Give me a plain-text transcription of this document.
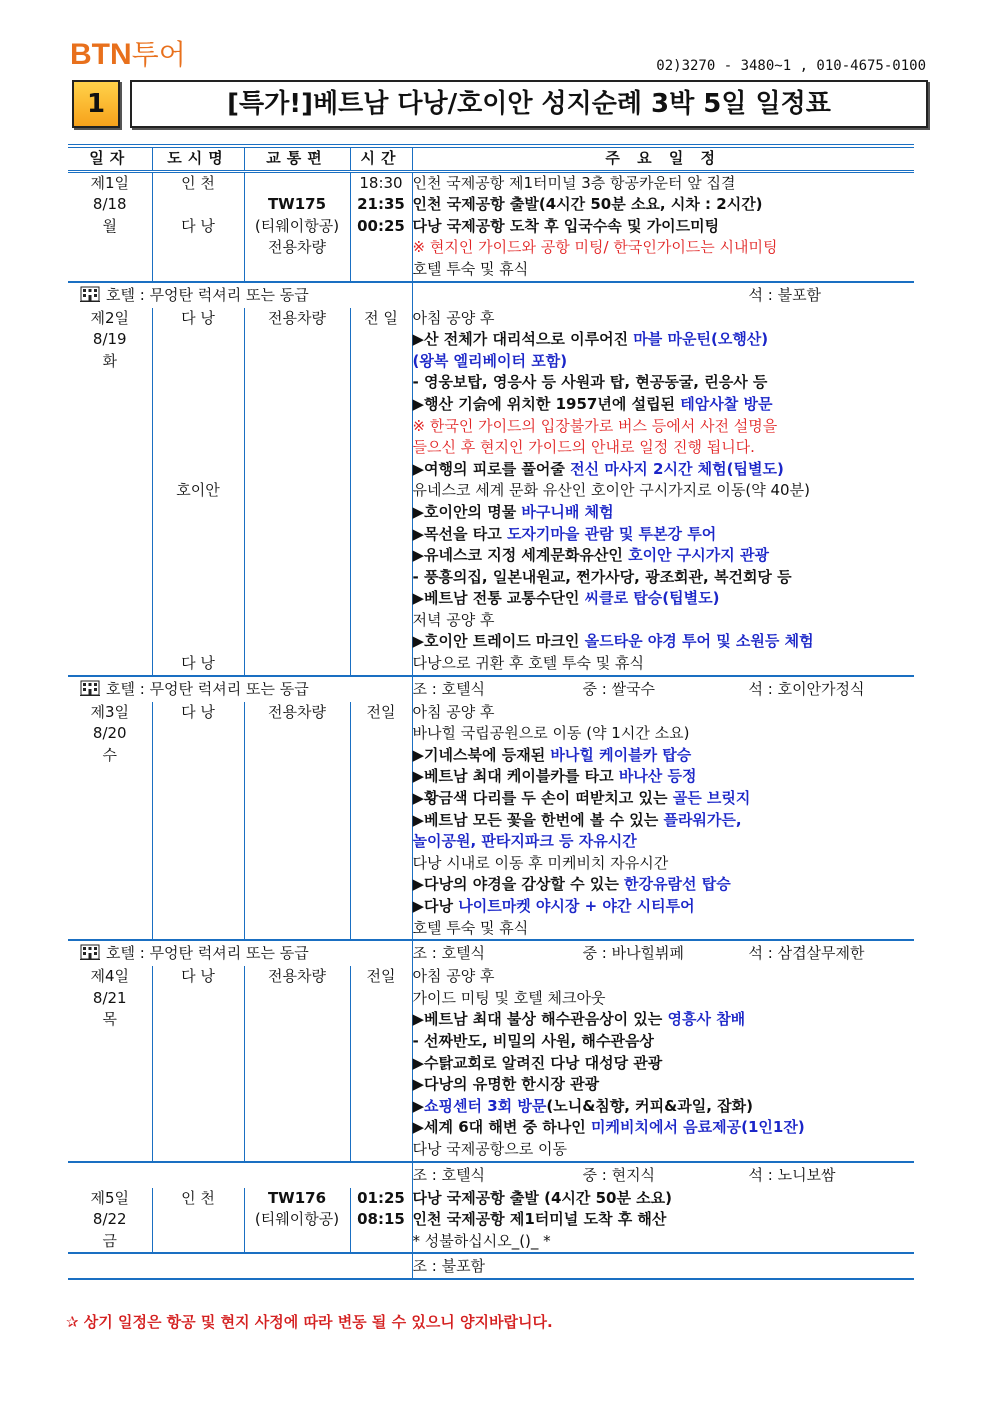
BTN투어	02)3270 - 3480~1 , 010-4675-0100
1	[특가!]베트남 다낭/호이안 성지순례 3박 5일 일정표
일자	도시명	교통편	시간	주 요 일 정
제1일	인 천		18:30	인천 국제공항 제1터미널 3층 항공카운터 앞 집결
8/18		TW175	21:35	인천 국제공항 출발(4시간 50분 소요, 시차 : 2시간)
월	다 낭	(티웨이항공)	00:25	다낭 국제공항 도착 후 입국수속 및 가이드미팅
		전용차량		※ 현지인 가이드와 공항 미팅/ 한국인가이드는 시내미팅
				호텔 투숙 및 휴식
호텔 : 무엉탄 럭셔리 또는 동급				석 : 불포함
제2일	다 낭	전용차량	전 일	아침 공양 후
8/19				▶산 전체가 대리석으로 이루어진 마블 마운틴(오행산)
화				(왕복 엘리베이터 포함)
				- 영웅보탑, 영응사 등 사원과 탑, 현공동굴, 린응사 등
				▶행산 기슭에 위치한 1957년에 설립된 테암사찰 방문
				※ 한국인 가이드의 입장불가로 버스 등에서 사전 설명을
				들으신 후 현지인 가이드의 안내로 일정 진행 됩니다.
				▶여행의 피로를 풀어줄 전신 마사지 2시간 체험(팁별도)
	호이안			유네스코 세계 문화 유산인 호이안 구시가지로 이동(약 40분)
				▶호이안의 명물 바구니배 체험
				▶목선을 타고 도자기마을 관람 및 투본강 투어
				▶유네스코 지정 세계문화유산인 호이안 구시가지 관광
				- 풍흥의집, 일본내원교, 쩐가사당, 광조회관, 복건회당 등
				▶베트남 전통 교통수단인 씨클로 탑승(팁별도)
				저녁 공양 후
				▶호이안 트레이드 마크인 올드타운 야경 투어 및 소원등 체험
	다 낭			다낭으로 귀환 후 호텔 투숙 및 휴식
호텔 : 무엉탄 럭셔리 또는 동급				조 : 호텔식 중 : 쌀국수 석 : 호이안가정식
제3일	다 낭	전용차량	전일	아침 공양 후
8/20				바나힐 국립공원으로 이동 (약 1시간 소요)
수				▶기네스북에 등재된 바나힐 케이블카 탑승
				▶베트남 최대 케이블카를 타고 바나산 등정
				▶황금색 다리를 두 손이 떠받치고 있는 골든 브릿지
				▶베트남 모든 꽃을 한번에 볼 수 있는 플라워가든,
				놀이공원, 판타지파크 등 자유시간
				다낭 시내로 이동 후 미케비치 자유시간
				▶다낭의 야경을 감상할 수 있는 한강유람선 탑승
				▶다낭 나이트마켓 야시장 + 야간 시티투어
				호텔 투숙 및 휴식
호텔 : 무엉탄 럭셔리 또는 동급				조 : 호텔식 중 : 바나힐뷔페 석 : 삼겹살무제한
제4일	다 낭	전용차량	전일	아침 공양 후
8/21				가이드 미팅 및 호텔 체크아웃
목				▶베트남 최대 불상 해수관음상이 있는 영흥사 참배
				- 선짜반도, 비밀의 사원, 해수관음상
				▶수탉교회로 알려진 다낭 대성당 관광
				▶다낭의 유명한 한시장 관광
				▶쇼핑센터 3회 방문(노니&침향, 커피&과일, 잡화)
				▶세계 6대 해변 중 하나인 미케비치에서 음료제공(1인1잔)
				다낭 국제공항으로 이동
				조 : 호텔식 중 : 현지식 석 : 노니보쌈
제5일	인 천	TW176	01:25	다낭 국제공항 출발 (4시간 50분 소요)
8/22		(티웨이항공)	08:15	인천 국제공항 제1터미널 도착 후 해산
금				* 성불하십시오_()_ *
				조 : 불포함
✰ 상기 일정은 항공 및 현지 사정에 따라 변동 될 수 있으니 양지바랍니다.
